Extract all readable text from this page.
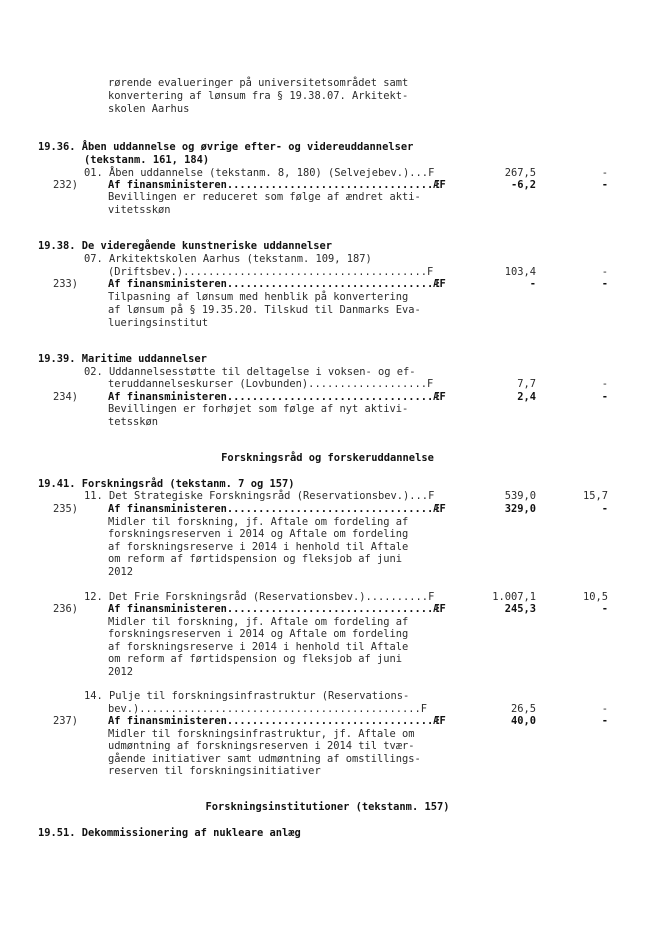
rørende evalueringer på universitetsområdet samt
konvertering af lønsum fra § 19.38.07. Arkitekt-
skolen Aarhus
19.36. Åben uddannelse og øvrige efter- og videreuddannelser
(tekstanm. 161, 184)
01. Åben uddannelse (tekstanm. 8, 180) (Selvejebev.)...F	267,5	-
232)	Af finansministeren.................................ÆF	-6,2	-
Bevillingen er reduceret som følge af ændret akti-
vitetsskøn
19.38. De videregående kunstneriske uddannelser
07. Arkitektskolen Aarhus (tekstanm. 109, 187)
(Driftsbev.).......................................F	103,4	-
233)	Af finansministeren.................................ÆF	-	-
Tilpasning af lønsum med henblik på konvertering
af lønsum på § 19.35.20. Tilskud til Danmarks Eva-
lueringsinstitut
19.39. Maritime uddannelser
02. Uddannelsesstøtte til deltagelse i voksen- og ef-
teruddannelseskurser (Lovbunden)...................F	7,7	-
234)	Af finansministeren.................................ÆF	2,4	-
Bevillingen er forhøjet som følge af nyt aktivi-
tetsskøn
Forskningsråd og forskeruddannelse
19.41. Forskningsråd (tekstanm. 7 og 157)
11. Det Strategiske Forskningsråd (Reservationsbev.)...F	539,0	15,7
235)	Af finansministeren.................................ÆF	329,0	-
Midler til forskning, jf. Aftale om fordeling af
forskningsreserven i 2014 og Aftale om fordeling
af forskningsreserve i 2014 i henhold til Aftale
om reform af førtidspension og fleksjob af juni
2012
12. Det Frie Forskningsråd (Reservationsbev.)..........F	1.007,1	10,5
236)	Af finansministeren.................................ÆF	245,3	-
Midler til forskning, jf. Aftale om fordeling af
forskningsreserven i 2014 og Aftale om fordeling
af forskningsreserve i 2014 i henhold til Aftale
om reform af førtidspension og fleksjob af juni
2012
14. Pulje til forskningsinfrastruktur (Reservations-
bev.).............................................F	26,5	-
237)	Af finansministeren.................................ÆF	40,0	-
Midler til forskningsinfrastruktur, jf. Aftale om
udmøntning af forskningsreserven i 2014 til tvær-
gående initiativer samt udmøntning af omstillings-
reserven til forskningsinitiativer
Forskningsinstitutioner (tekstanm. 157)
19.51. Dekommissionering af nukleare anlæg
